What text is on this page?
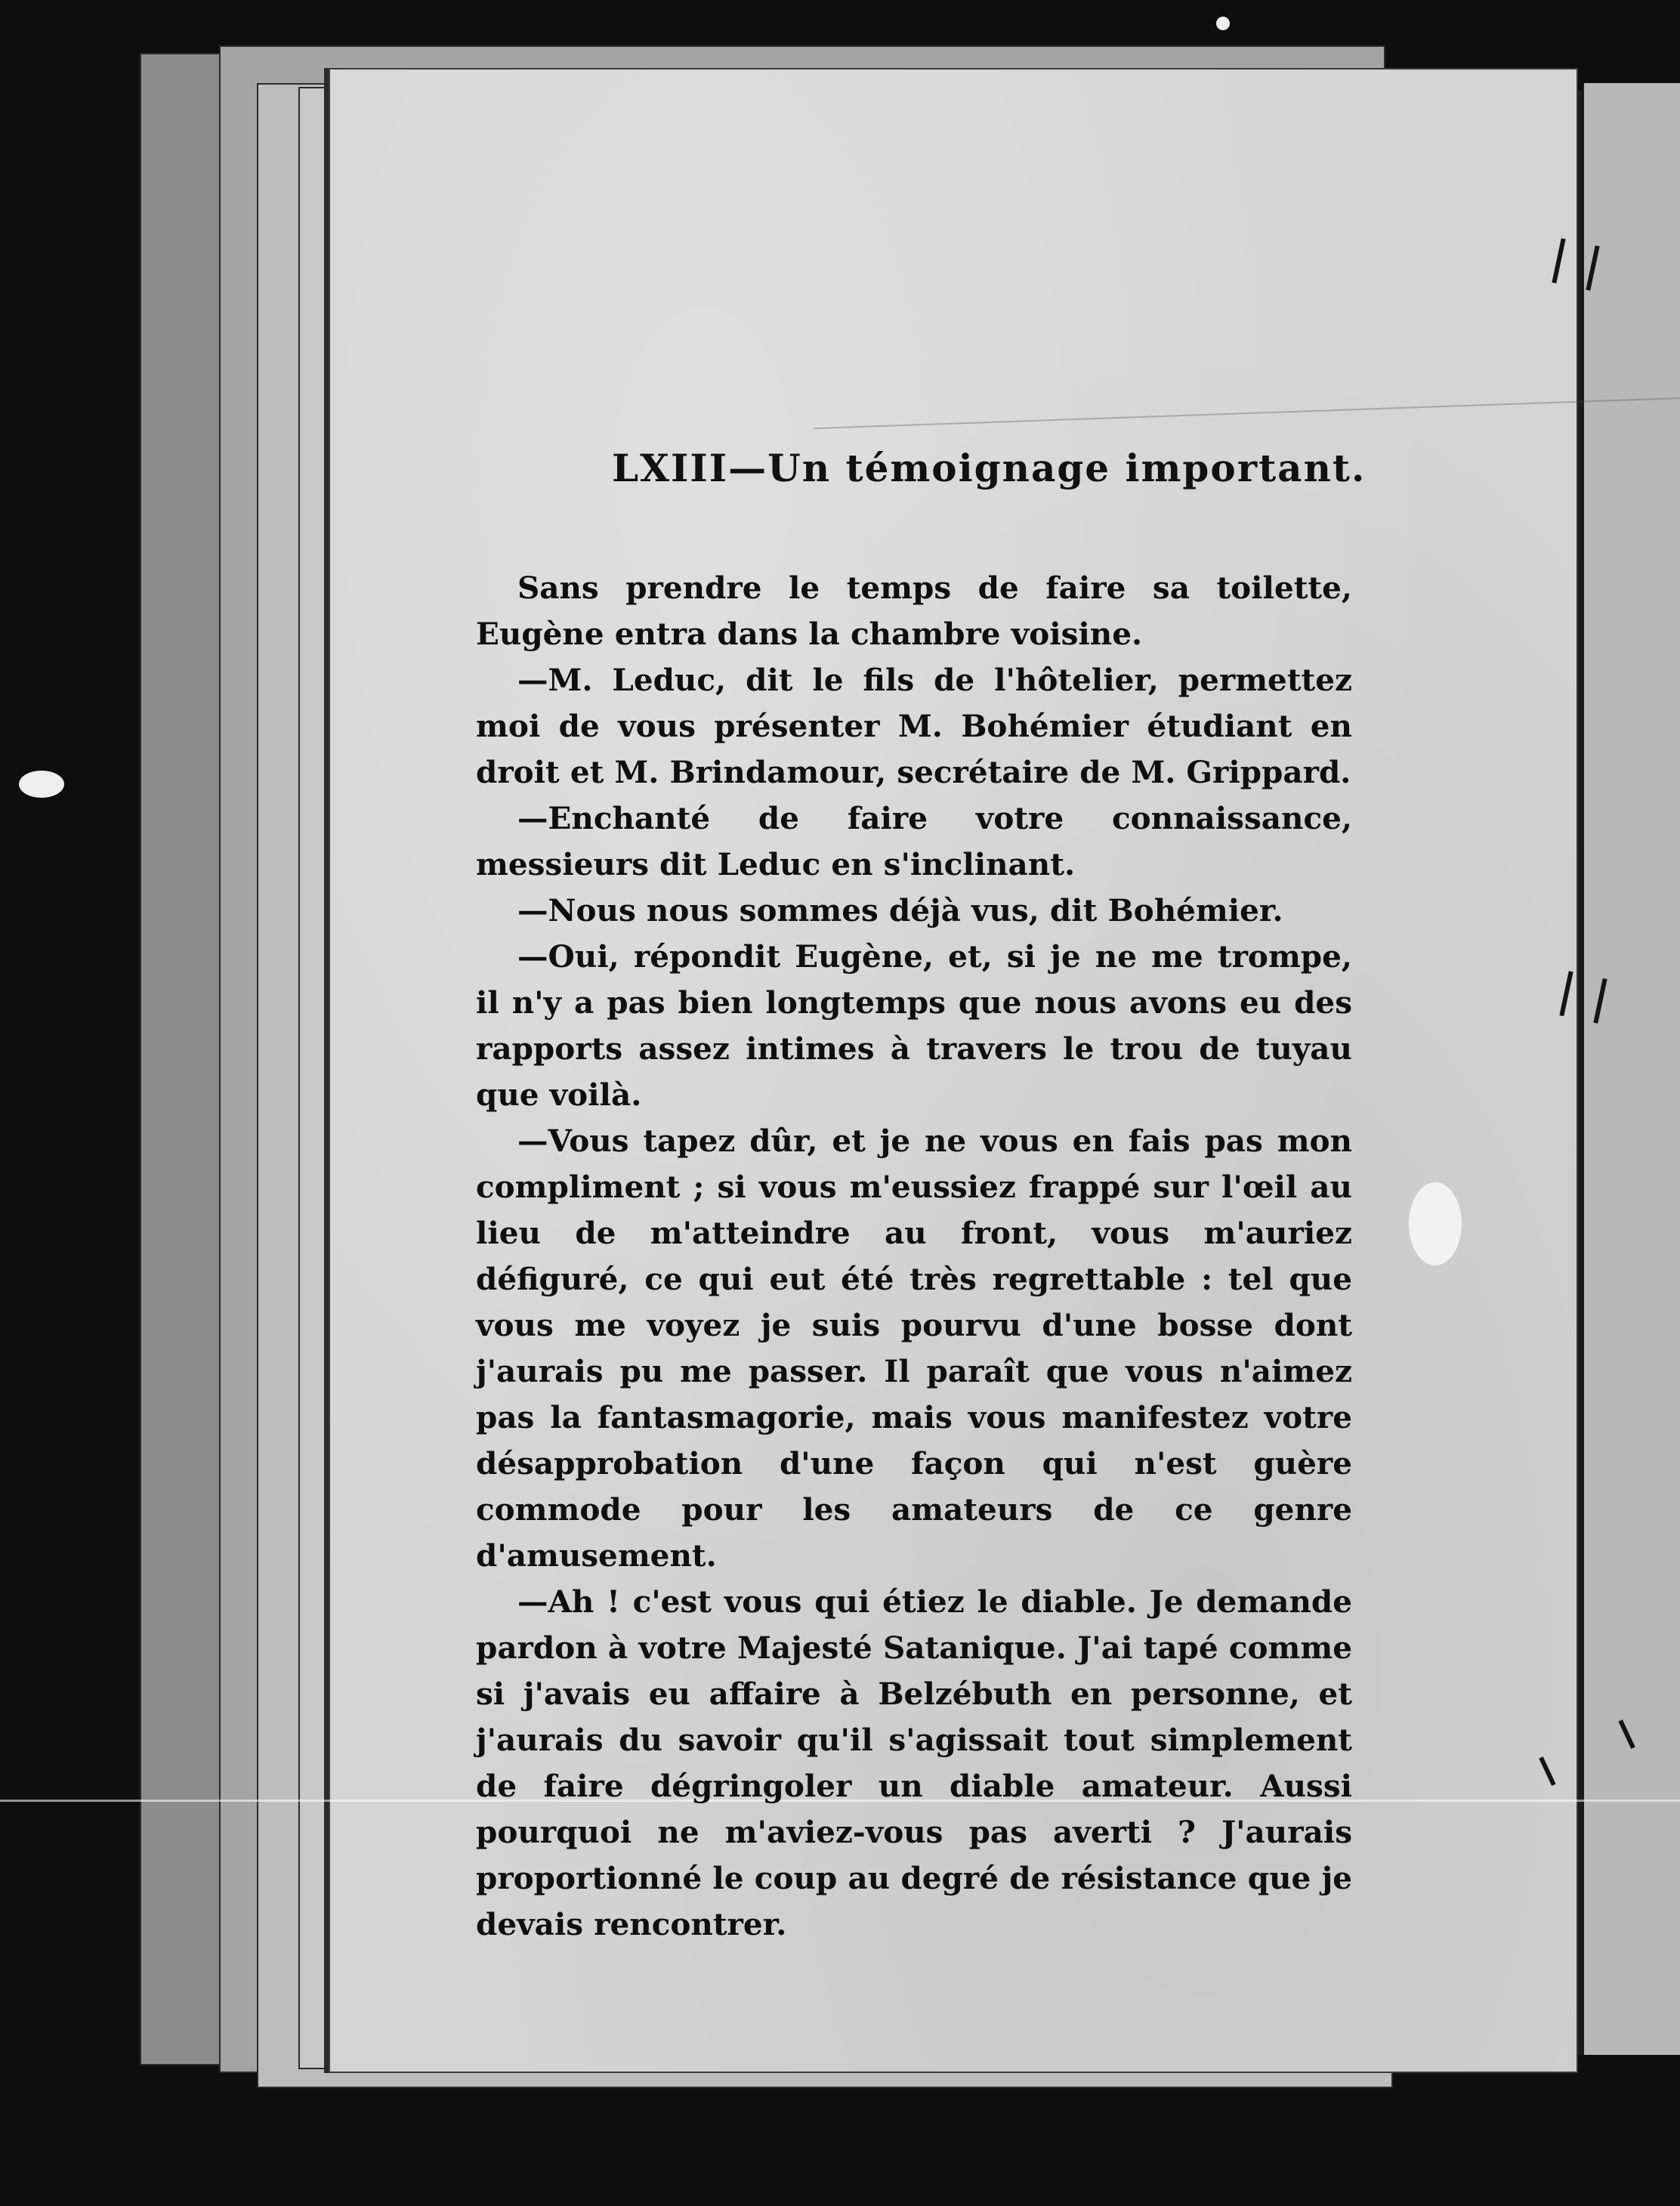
LXIII—Un témoignage important.

Sans prendre le temps de faire sa toilette, Eugène entra dans la chambre voisine.

—M. Leduc, dit le fils de l'hôtelier, permettez moi de vous présenter M. Bohémier étudiant en droit et M. Brindamour, secrétaire de M. Grippard.

—Enchanté de faire votre connaissance, messieurs dit Leduc en s'inclinant.

—Nous nous sommes déjà vus, dit Bohémier.

—Oui, répondit Eugène, et, si je ne me trompe, il n'y a pas bien longtemps que nous avons eu des rapports assez intimes à travers le trou de tuyau que voilà.

—Vous tapez dûr, et je ne vous en fais pas mon compliment ; si vous m'eussiez frappé sur l'œil au lieu de m'atteindre au front, vous m'auriez défiguré, ce qui eut été très regrettable : tel que vous me voyez je suis pourvu d'une bosse dont j'aurais pu me passer. Il paraît que vous n'aimez pas la fantasmagorie, mais vous manifestez votre désapprobation d'une façon qui n'est guère commode pour les amateurs de ce genre d'amusement.

—Ah ! c'est vous qui étiez le diable. Je demande pardon à votre Majesté Satanique. J'ai tapé comme si j'avais eu affaire à Belzébuth en personne, et j'aurais du savoir qu'il s'agissait tout simplement de faire dégringoler un diable amateur. Aussi pourquoi ne m'aviez-vous pas averti ? J'aurais proportionné le coup au degré de résistance que je devais rencontrer.
